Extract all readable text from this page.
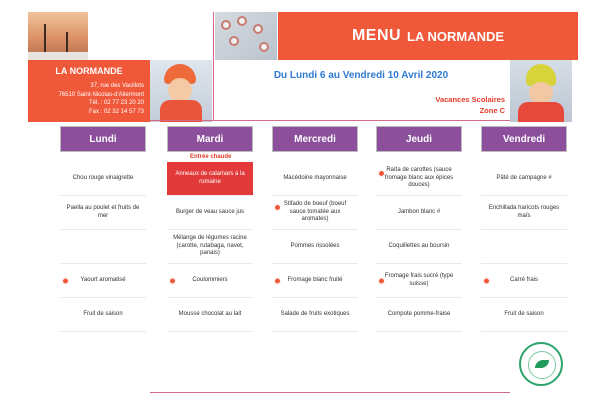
MENU LA NORMANDE
LA NORMANDE
37, rue des Vacillots
76510 Saint-Nicolas-d'Aliermont
Tél. : 02 77 23 20 20
Fax : 02 32 14 57 73
Du Lundi 6 au Vendredi 10 Avril 2020
Vacances Scolaires
Zone C
Entrée chaude
Lundi
Chou rouge vinaigrette
Paella au poulet et fruits de mer
Yaourt aromatisé
Fruit de saison
Mardi
Anneaux de calamars à la romaine
Burger de veau sauce jus
Mélange de légumes racine (carotte, rutabaga, navet, panais)
Coulommiers
Mousse chocolat au lait
Mercredi
Macédoine mayonnaise
Stifado de boeuf (boeuf sauce tomatée aux aromates)
Pommes rissolées
Fromage blanc fruité
Salade de fruits exotiques
Jeudi
Raïta de carottes (sauce fromage blanc aux épices douces)
Jambon blanc #
Coquillettes au boursin
Fromage frais sucré (type suisse)
Compote pomme-fraise
Vendredi
Pâté de campagne #
Enchillada haricots rouges maïs
Carré frais
Fruit de saison
